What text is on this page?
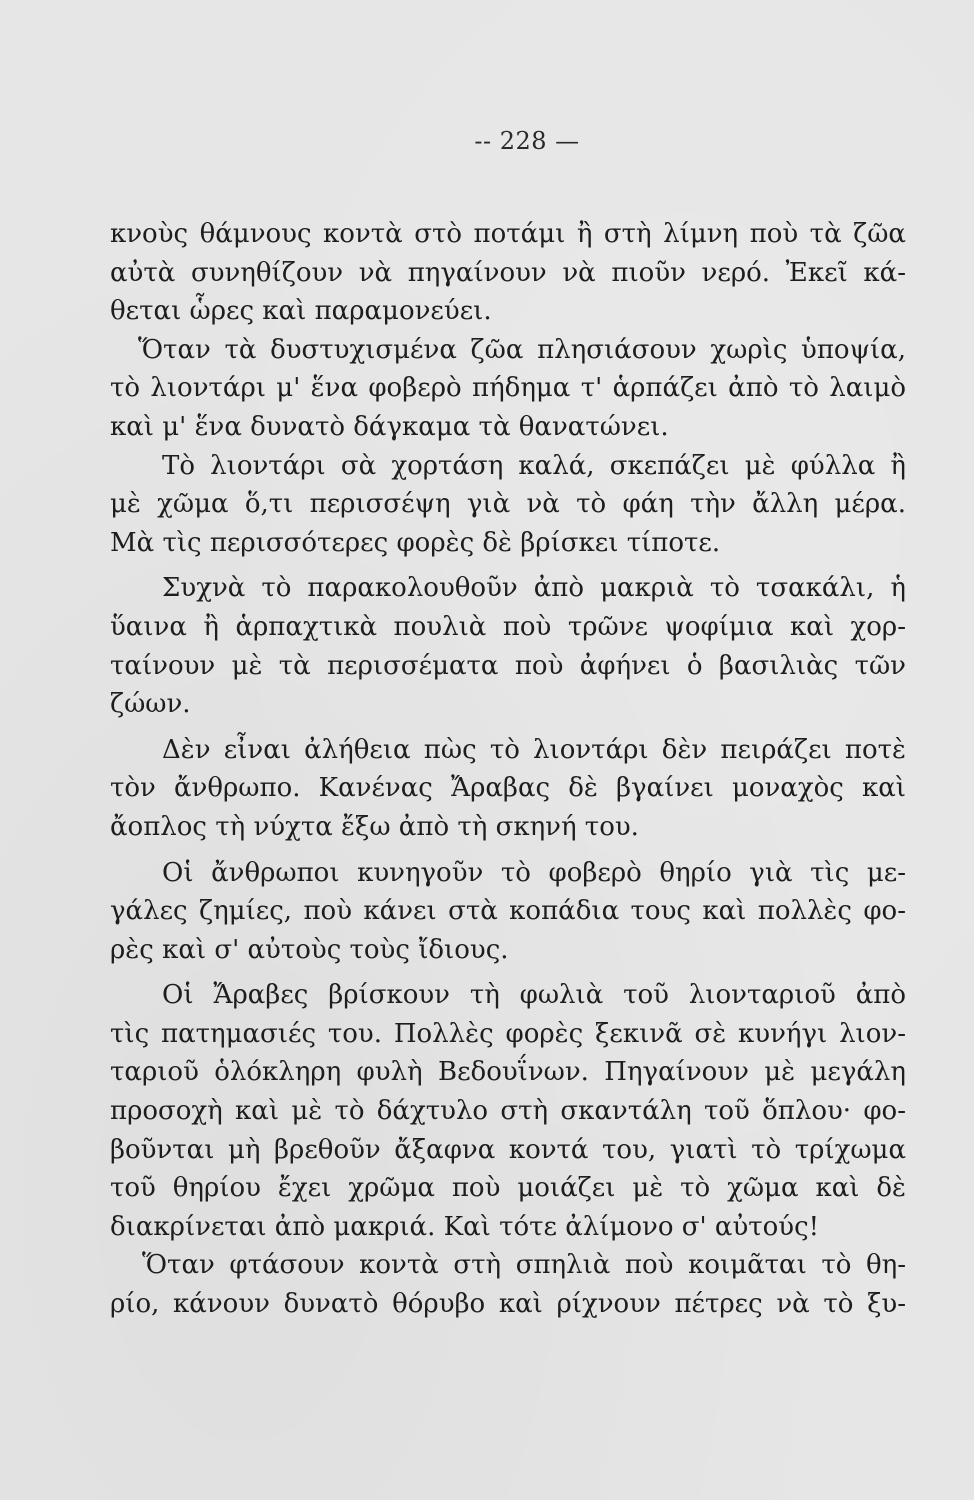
-- 228 —
κνοὺς θάμνους κοντὰ στὸ ποτάμι ἢ στὴ λίμνη ποὺ τὰ ζῶα
αὐτὰ συνηθίζουν νὰ πηγαίνουν νὰ πιοῦν νερό. Ἐκεῖ κά-
θεται ὧρες καὶ παραμονεύει.
Ὅταν τὰ δυστυχισμένα ζῶα πλησιάσουν χωρὶς ὑποψία,
τὸ λιοντάρι μ' ἕνα φοβερὸ πήδημα τ' ἁρπάζει ἀπὸ τὸ λαιμὸ
καὶ μ' ἕνα δυνατὸ δάγκαμα τὰ θανατώνει.
Τὸ λιοντάρι σὰ χορτάση καλά, σκεπάζει μὲ φύλλα ἢ
μὲ χῶμα ὅ,τι περισσέψη γιὰ νὰ τὸ φάη τὴν ἄλλη μέρα.
Μὰ τὶς περισσότερες φορὲς δὲ βρίσκει τίποτε.
Συχνὰ τὸ παρακολουθοῦν ἀπὸ μακριὰ τὸ τσακάλι, ἡ
ὕαινα ἢ ἁρπαχτικὰ πουλιὰ ποὺ τρῶνε ψοφίμια καὶ χορ-
ταίνουν μὲ τὰ περισσέματα ποὺ ἀφήνει ὁ βασιλιὰς τῶν
ζώων.
Δὲν εἶναι ἀλήθεια πὼς τὸ λιοντάρι δὲν πειράζει ποτὲ
τὸν ἄνθρωπο. Κανένας Ἄραβας δὲ βγαίνει μοναχὸς καὶ
ἄοπλος τὴ νύχτα ἔξω ἀπὸ τὴ σκηνή του.
Οἱ ἄνθρωποι κυνηγοῦν τὸ φοβερὸ θηρίο γιὰ τὶς με-
γάλες ζημίες, ποὺ κάνει στὰ κοπάδια τους καὶ πολλὲς φο-
ρὲς καὶ σ' αὐτοὺς τοὺς ἴδιους.
Οἱ Ἄραβες βρίσκουν τὴ φωλιὰ τοῦ λιονταριοῦ ἀπὸ
τὶς πατημασιές του. Πολλὲς φορὲς ξεκινᾶ σὲ κυνήγι λιον-
ταριοῦ ὁλόκληρη φυλὴ Βεδουΐνων. Πηγαίνουν μὲ μεγάλη
προσοχὴ καὶ μὲ τὸ δάχτυλο στὴ σκαντάλη τοῦ ὅπλου· φο-
βοῦνται μὴ βρεθοῦν ἄξαφνα κοντά του, γιατὶ τὸ τρίχωμα
τοῦ θηρίου ἔχει χρῶμα ποὺ μοιάζει μὲ τὸ χῶμα καὶ δὲ
διακρίνεται ἀπὸ μακριά. Καὶ τότε ἀλίμονο σ' αὐτούς!
Ὅταν φτάσουν κοντὰ στὴ σπηλιὰ ποὺ κοιμᾶται τὸ θη-
ρίο, κάνουν δυνατὸ θόρυβο καὶ ρίχνουν πέτρες νὰ τὸ ξυ-
